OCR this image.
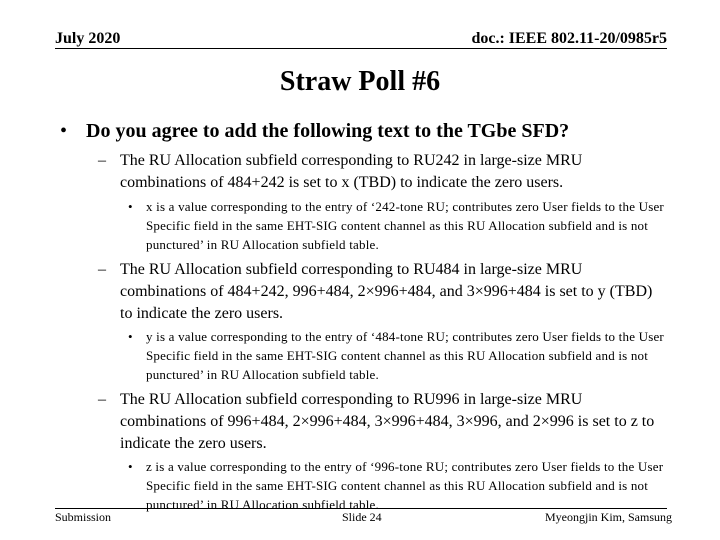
July 2020	doc.: IEEE 802.11-20/0985r5
Straw Poll #6
• Do you agree to add the following text to the TGbe SFD?
– The RU Allocation subfield corresponding to RU242 in large-size MRU combinations of 484+242 is set to x (TBD) to indicate the zero users.
• x is a value corresponding to the entry of ‘242-tone RU; contributes zero User fields to the User Specific field in the same EHT-SIG content channel as this RU Allocation subfield and is not punctured’ in RU Allocation subfield table.
– The RU Allocation subfield corresponding to RU484 in large-size MRU combinations of 484+242, 996+484, 2×996+484, and 3×996+484 is set to y (TBD) to indicate the zero users.
• y is a value corresponding to the entry of ‘484-tone RU; contributes zero User fields to the User Specific field in the same EHT-SIG content channel as this RU Allocation subfield and is not punctured’ in RU Allocation subfield table.
– The RU Allocation subfield corresponding to RU996 in large-size MRU combinations of 996+484, 2×996+484, 3×996+484, 3×996, and 2×996 is set to z to indicate the zero users.
• z is a value corresponding to the entry of ‘996-tone RU; contributes zero User fields to the User Specific field in the same EHT-SIG content channel as this RU Allocation subfield and is not punctured’ in RU Allocation subfield table.
Submission	Slide 24	Myeongjin Kim, Samsung
